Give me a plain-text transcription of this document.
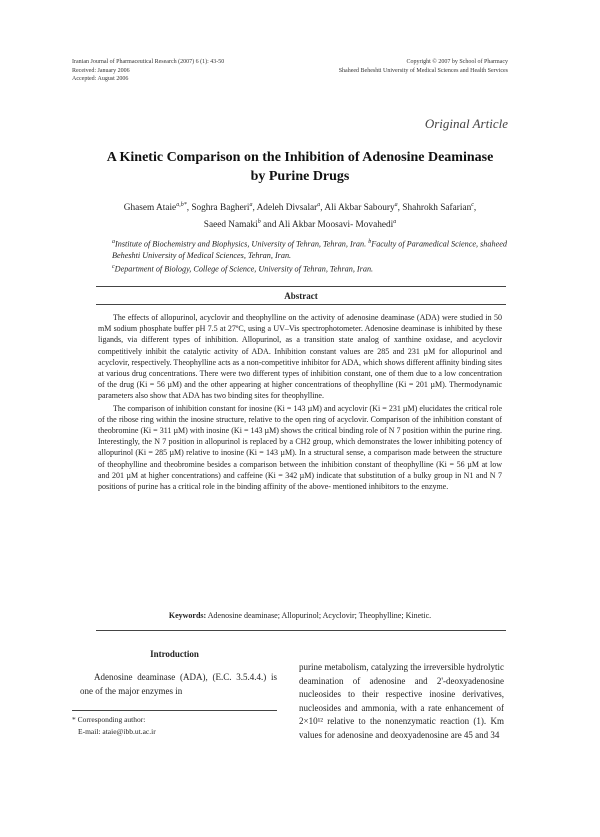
Iranian Journal of Pharmaceutical Research (2007) 6 (1): 43-50
Received: January 2006
Accepted: August 2006
Copyright © 2007 by School of Pharmacy
Shaheed Beheshti University of Medical Sciences and Health Services
Original Article
A Kinetic Comparison on the Inhibition of Adenosine Deaminase
by Purine Drugs
Ghasem Ataie$^{a,b*}$, Soghra Bagheri$^a$, Adeleh Divsalar$^a$, Ali Akbar Saboury$^a$, Shahrokh Safarian$^c$,
Saeed Namaki$^b$ and Ali Akbar Moosavi- Movahedi$^a$
$^a$Institute of Biochemistry and Biophysics, University of Tehran, Tehran, Iran. $^b$Faculty of Paramedical Science, shaheed Beheshti University of Medical Sciences, Tehran, Iran.
$^c$Department of Biology, College of Science, University of Tehran, Tehran, Iran.
Abstract

The effects of allopurinol, acyclovir and theophylline on the activity of adenosine deaminase (ADA) were studied in 50 mM sodium phosphate buffer pH 7.5 at 27ºC, using a UV–Vis spectrophotometer. Adenosine deaminase is inhibited by these ligands, via different types of inhibition. Allopurinol, as a transition state analog of xanthine oxidase, and acyclovir competitively inhibit the catalytic activity of ADA. Inhibition constant values are 285 and 231 µM for allopurinol and acyclovir, respectively. Theophylline acts as a non-competitive inhibitor for ADA, which shows different affinity binding sites at various drug concentrations. There were two different types of inhibition constant, one of them due to a low concentration of the drug (Ki = 56 µM) and the other appearing at higher concentrations of theophylline (Ki = 201 µM). Thermodynamic parameters also show that ADA has two binding sites for theophylline.

The comparison of inhibition constant for inosine (Ki = 143 µM) and acyclovir (Ki = 231 µM) elucidates the critical role of the ribose ring within the inosine structure, relative to the open ring of acyclovir. Comparison of the inhibition constant of theobromine (Ki = 311 µM) with inosine (Ki = 143 µM) shows the critical binding role of N 7 position within the purine ring. Interestingly, the N 7 position in allopurinol is replaced by a CH2 group, which demonstrates the lower inhibiting potency of allopurinol (Ki = 285 µM) relative to inosine (Ki = 143 µM). In a structural sense, a comparison made between the structure of theophylline and theobromine besides a comparison between the inhibition constant of theophylline (Ki = 56 µM at low and 201 µM at higher concentrations) and caffeine (Ki = 342 µM) indicate that substitution of a bulky group in N1 and N 7 positions of purine has a critical role in the binding affinity of the above- mentioned inhibitors to the enzyme.

Keywords: Adenosine deaminase; Allopurinol; Acyclovir; Theophylline; Kinetic.
Introduction

Adenosine deaminase (ADA), (E.C. 3.5.4.4.) is one of the major enzymes in

* Corresponding author:
E-mail: ataie@ibb.ut.ac.ir

purine metabolism, catalyzing the irreversible hydrolytic deamination of adenosine and 2'-deoxyadenosine nucleosides to their respective inosine derivatives, nucleosides and ammonia, with a rate enhancement of 2×10¹² relative to the nonenzymatic reaction (1). Km values for adenosine and deoxyadenosine are 45 and 34
